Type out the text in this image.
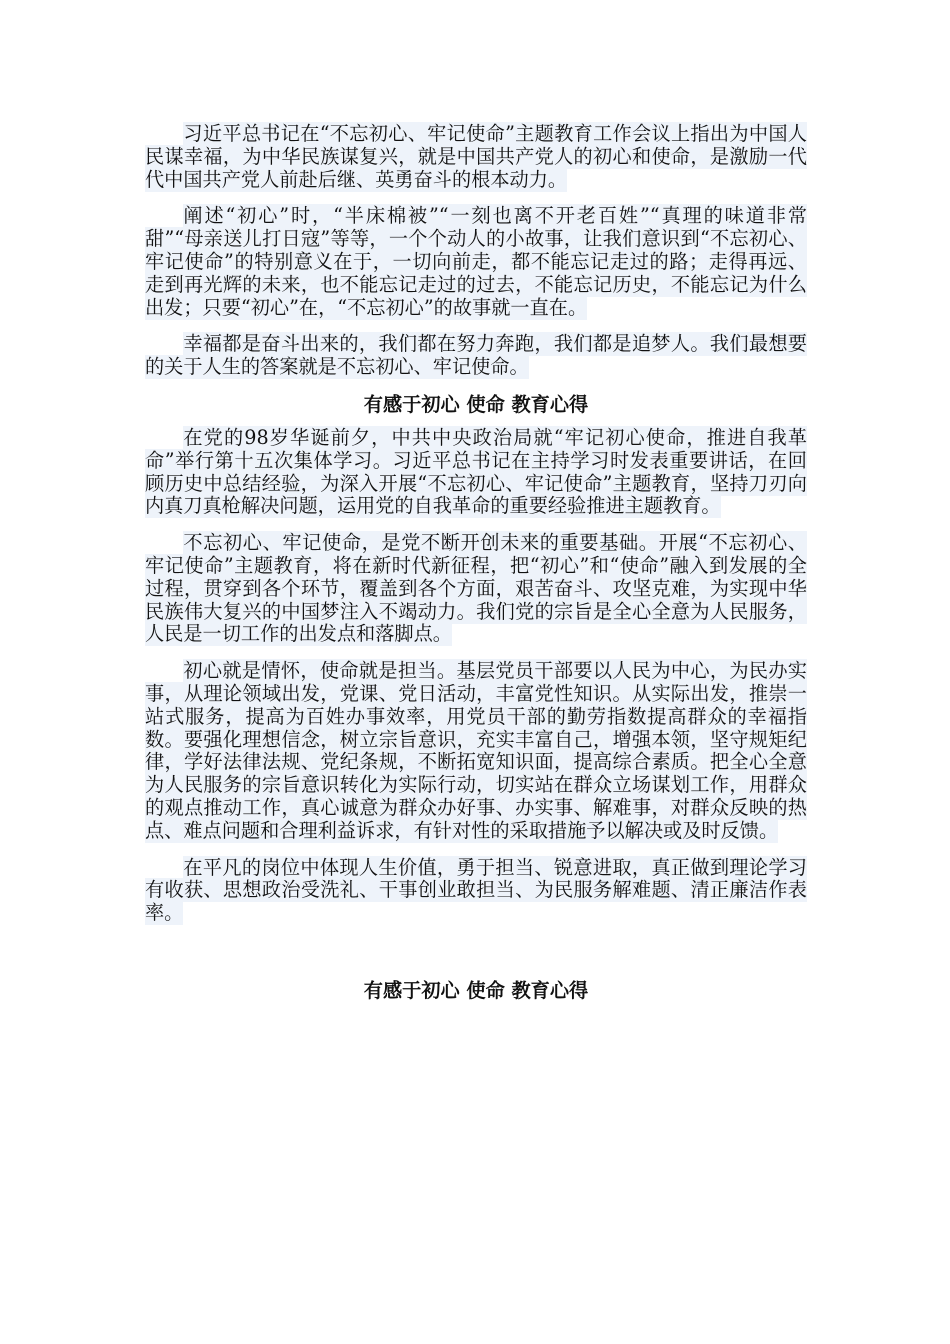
习近平总书记在“不忘初心、牢记使命”主题教育工作会议上指出为中国人民谋幸福，为中华民族谋复兴，就是中国共产党人的初心和使命，是激励一代代中国共产党人前赴后继、英勇奋斗的根本动力。

阐述“初心”时，“半床棉被”“一刻也离不开老百姓”“真理的味道非常甜”“母亲送儿打日寇”等等，一个个动人的小故事，让我们意识到“不忘初心、牢记使命”的特别意义在于，一切向前走，都不能忘记走过的路；走得再远、走到再光辉的未来，也不能忘记走过的过去，不能忘记历史，不能忘记为什么出发；只要“初心”在，“不忘初心”的故事就一直在。

幸福都是奋斗出来的，我们都在努力奔跑，我们都是追梦人。我们最想要的关于人生的答案就是不忘初心、牢记使命。

有感于初心 使命 教育心得

在党的98岁华诞前夕，中共中央政治局就“牢记初心使命，推进自我革命”举行第十五次集体学习。习近平总书记在主持学习时发表重要讲话，在回顾历史中总结经验，为深入开展“不忘初心、牢记使命”主题教育，坚持刀刃向内真刀真枪解决问题，运用党的自我革命的重要经验推进主题教育。

不忘初心、牢记使命，是党不断开创未来的重要基础。开展“不忘初心、牢记使命”主题教育，将在新时代新征程，把“初心”和“使命”融入到发展的全过程，贯穿到各个环节，覆盖到各个方面，艰苦奋斗、攻坚克难，为实现中华民族伟大复兴的中国梦注入不竭动力。我们党的宗旨是全心全意为人民服务，人民是一切工作的出发点和落脚点。

初心就是情怀，使命就是担当。基层党员干部要以人民为中心，为民办实事，从理论领域出发，党课、党日活动，丰富党性知识。从实际出发，推崇一站式服务，提高为百姓办事效率，用党员干部的勤劳指数提高群众的幸福指数。要强化理想信念，树立宗旨意识，充实丰富自己，增强本领，坚守规矩纪律，学好法律法规、党纪条规，不断拓宽知识面，提高综合素质。把全心全意为人民服务的宗旨意识转化为实际行动，切实站在群众立场谋划工作，用群众的观点推动工作，真心诚意为群众办好事、办实事、解难事，对群众反映的热点、难点问题和合理利益诉求，有针对性的采取措施予以解决或及时反馈。

在平凡的岗位中体现人生价值，勇于担当、锐意进取，真正做到理论学习有收获、思想政治受洗礼、干事创业敢担当、为民服务解难题、清正廉洁作表率。

有感于初心 使命 教育心得
